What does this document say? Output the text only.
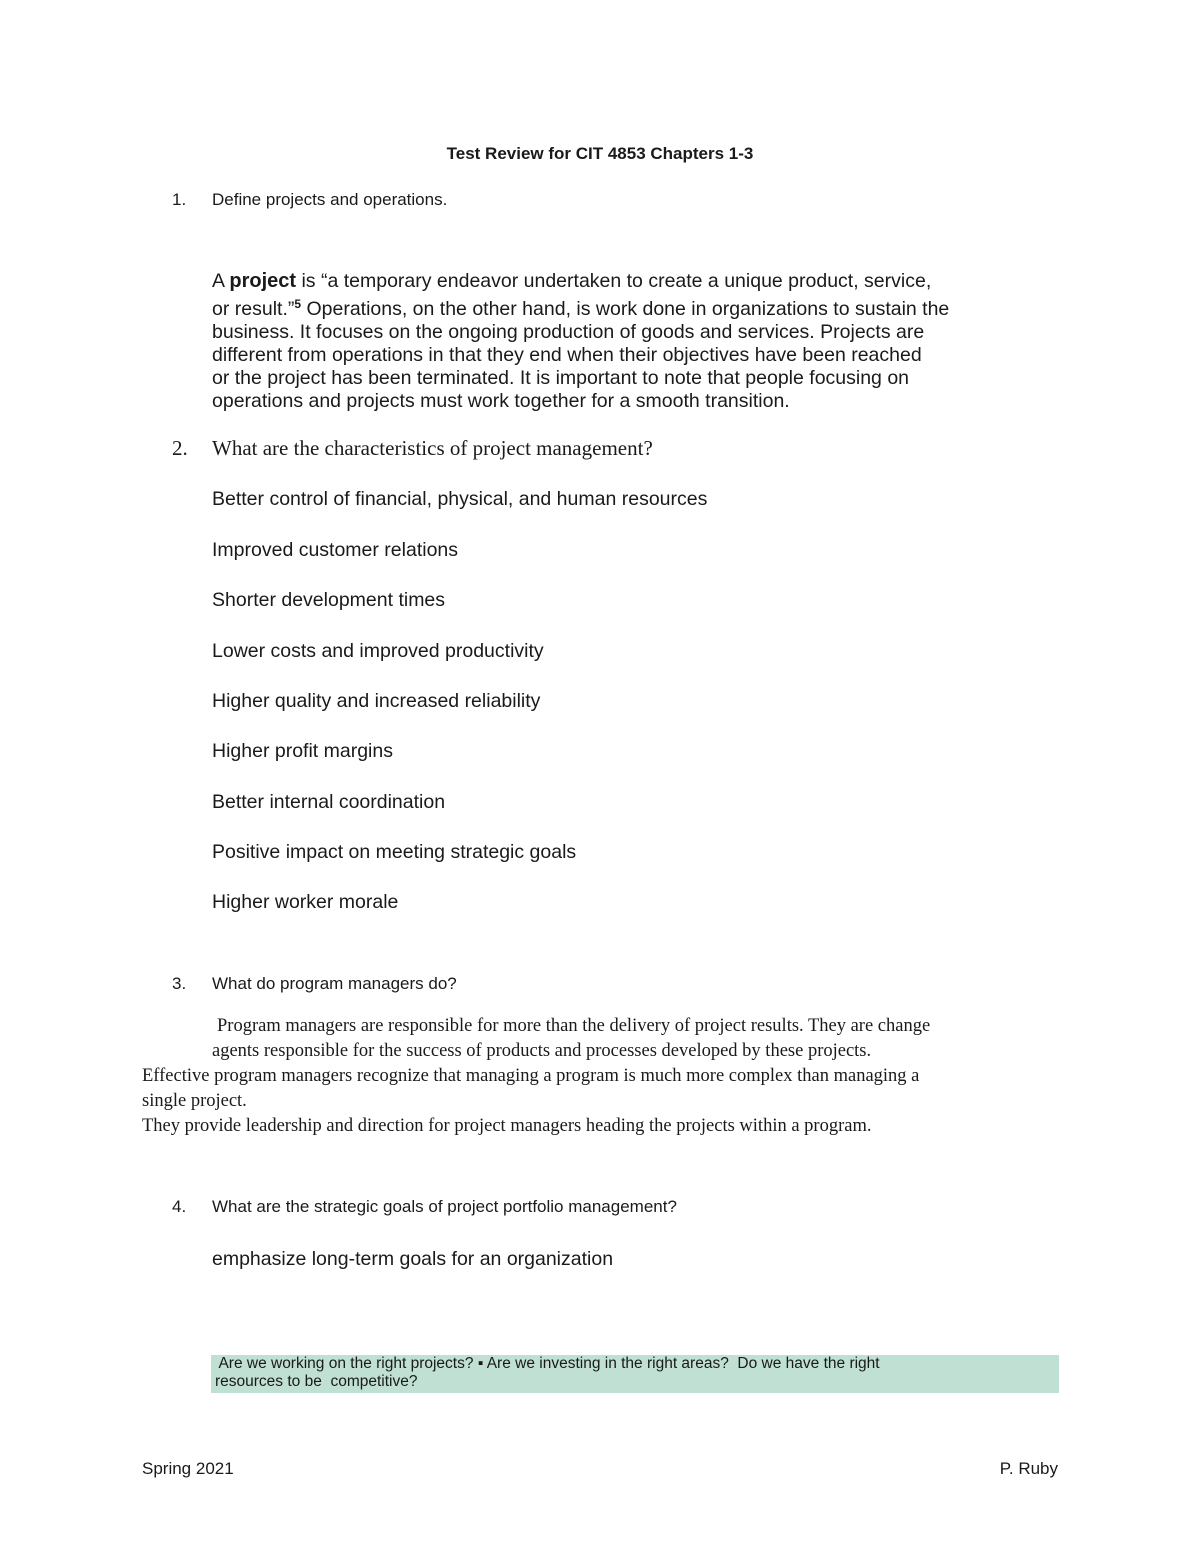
Test Review for CIT 4853 Chapters 1-3
1. Define projects and operations.
A project is “a temporary endeavor undertaken to create a unique product, service,
or result.”$^5$ Operations, on the other hand, is work done in organizations to sustain the
business. It focuses on the ongoing production of goods and services. Projects are
different from operations in that they end when their objectives have been reached
or the project has been terminated. It is important to note that people focusing on
operations and projects must work together for a smooth transition.
2. What are the characteristics of project management?
Better control of financial, physical, and human resources
Improved customer relations
Shorter development times
Lower costs and improved productivity
Higher quality and increased reliability
Higher profit margins
Better internal coordination
Positive impact on meeting strategic goals
Higher worker morale
3. What do program managers do?
Program managers are responsible for more than the delivery of project results. They are change
agents responsible for the success of products and processes developed by these projects.
Effective program managers recognize that managing a program is much more complex than managing a
single project.
They provide leadership and direction for project managers heading the projects within a program.
4. What are the strategic goals of project portfolio management?
emphasize long-term goals for an organization
Are we working on the right projects? ▪ Are we investing in the right areas?  Do we have the right
resources to be  competitive?
Spring 2021	P. Ruby
